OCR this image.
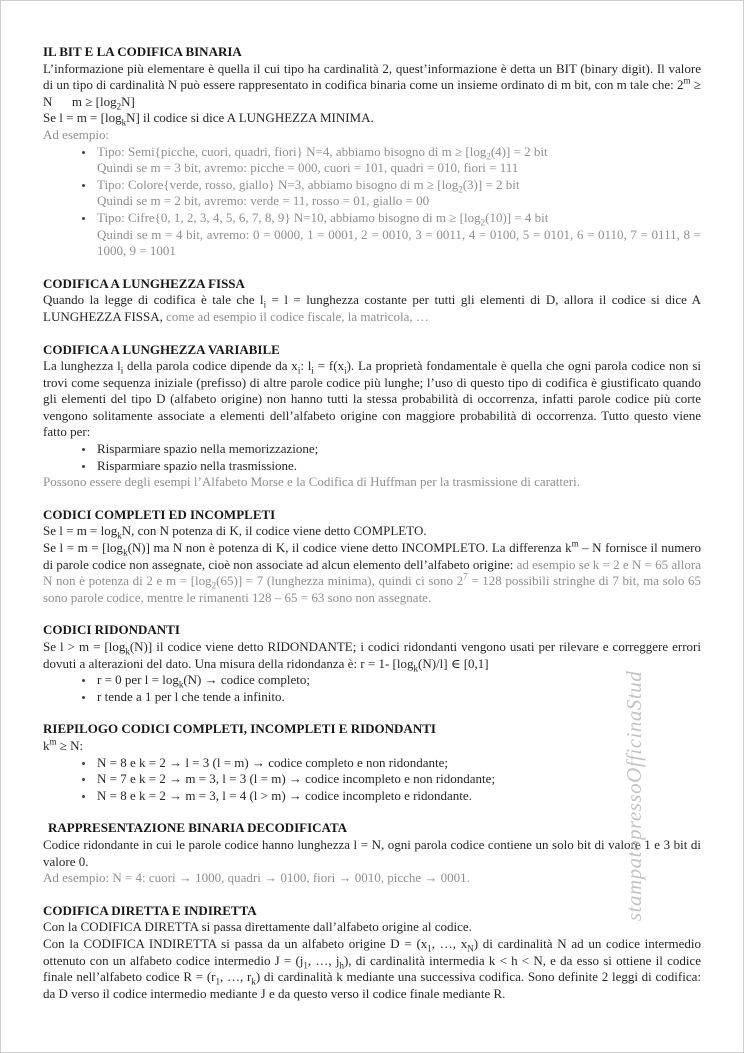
IL BIT E LA CODIFICA BINARIA
L’informazione più elementare è quella il cui tipo ha cardinalità 2, quest’informazione è detta un BIT (binary digit). Il valore di un tipo di cardinalità N può essere rappresentato in codifica binaria come un insieme ordinato di m bit, con m tale che: $2^m \ge N$      $m \ge [\log_2N]$
Se $l = m = [\log_kN]$ il codice si dice A LUNGHEZZA MINIMA.
Ad esempio:
• Tipo: Semi{picche, cuori, quadri, fiori} N=4, abbiamo bisogno di $m \ge [\log_2(4)] = 2$ bit
Quindi se m = 3 bit, avremo: picche = 000, cuori = 101, quadri = 010, fiori = 111
• Tipo: Colore{verde, rosso, giallo} N=3, abbiamo bisogno di $m \ge [\log_2(3)] = 2$ bit
Quindi se m = 2 bit, avremo: verde = 11, rosso = 01, giallo = 00
• Tipo: Cifre{0, 1, 2, 3, 4, 5, 6, 7, 8, 9} N=10, abbiamo bisogno di $m \ge [\log_2(10)] = 4$ bit
Quindi se m = 4 bit, avremo: 0 = 0000, 1 = 0001, 2 = 0010, 3 = 0011, 4 = 0100, 5 = 0101, 6 = 0110, 7 = 0111, 8 = 1000, 9 = 1001
CODIFICA A LUNGHEZZA FISSA
Quando la legge di codifica è tale che $l_i = l$ = lunghezza costante per tutti gli elementi di D, allora il codice si dice A LUNGHEZZA FISSA, come ad esempio il codice fiscale, la matricola, …
CODIFICA A LUNGHEZZA VARIABILE
La lunghezza $l_i$ della parola codice dipende da $x_i$: $l_i = f(x_i)$. La proprietà fondamentale è quella che ogni parola codice non si trovi come sequenza iniziale (prefisso) di altre parole codice più lunghe; l’uso di questo tipo di codifica è giustificato quando gli elementi del tipo D (alfabeto origine) non hanno tutti la stessa probabilità di occorrenza, infatti parole codice più corte vengono solitamente associate a elementi dell’alfabeto origine con maggiore probabilità di occorrenza. Tutto questo viene fatto per:
• Risparmiare spazio nella memorizzazione;
• Risparmiare spazio nella trasmissione.
Possono essere degli esempi l’Alfabeto Morse e la Codifica di Huffman per la trasmissione di caratteri.
CODICI COMPLETI ED INCOMPLETI
Se $l = m = \log_kN$, con N potenza di K, il codice viene detto COMPLETO.
Se $l = m = [\log_k(N)]$ ma N non è potenza di K, il codice viene detto INCOMPLETO. La differenza $k^m$ – N fornisce il numero di parole codice non assegnate, cioè non associate ad alcun elemento dell’alfabeto origine: ad esempio se k = 2 e N = 65 allora N non è potenza di 2 e $m = [\log_2(65)] = 7$ (lunghezza minima), quindi ci sono $2^7 = 128$ possibili stringhe di 7 bit, ma solo 65 sono parole codice, mentre le rimanenti 128 – 65 = 63 sono non assegnate.
CODICI RIDONDANTI
Se $l > m = [\log_k(N)]$ il codice viene detto RIDONDANTE; i codici ridondanti vengono usati per rilevare e correggere errori dovuti a alterazioni del dato. Una misura della ridondanza è: r = 1- $[\log_k(N)/l]$ ∈ [0,1]
• r = 0 per $l = \log_k(N)$ → codice completo;
• r tende a 1 per l che tende a infinito.
RIEPILOGO CODICI COMPLETI, INCOMPLETI E RIDONDANTI
$k^m \ge N$:
• N = 8 e k = 2 → l = 3 (l = m) → codice completo e non ridondante;
• N = 7 e k = 2 → m = 3, l = 3 (l = m) → codice incompleto e non ridondante;
• N = 8 e k = 2 → m = 3, l = 4 (l > m) → codice incompleto e ridondante.
RAPPRESENTAZIONE BINARIA DECODIFICATA
Codice ridondante in cui le parole codice hanno lunghezza l = N, ogni parola codice contiene un solo bit di valore 1 e 3 bit di valore 0.
Ad esempio: N = 4: cuori → 1000, quadri → 0100, fiori → 0010, picche → 0001.
CODIFICA DIRETTA E INDIRETTA
Con la CODIFICA DIRETTA si passa direttamente dall’alfabeto origine al codice.
Con la CODIFICA INDIRETTA si passa da un alfabeto origine $D = (x_1$, …, $x_N$) di cardinalità N ad un codice intermedio ottenuto con un alfabeto codice intermedio $J = (j_1$, …, $j_h$), di cardinalità intermedia k < h < N, e da esso si ottiene il codice finale nell’alfabeto codice $R = (r_1$, …, $r_k$) di cardinalità k mediante una successiva codifica. Sono definite 2 leggi di codifica: da D verso il codice intermedio mediante J e da questo verso il codice finale mediante R.
stampatopressoOfficinaStud
